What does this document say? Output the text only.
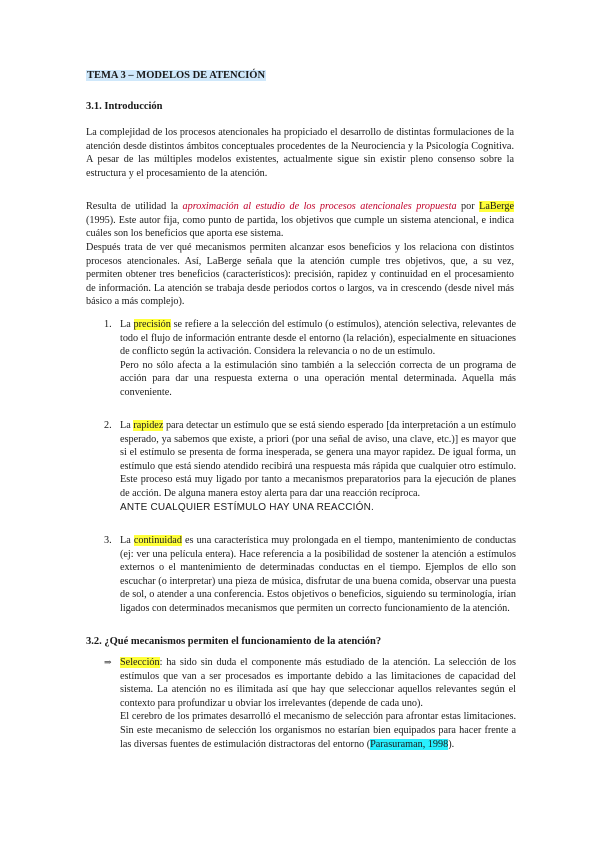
TEMA 3 – MODELOS DE ATENCIÓN
3.1. Introducción

La complejidad de los procesos atencionales ha propiciado el desarrollo de distintas formulaciones de la atención desde distintos ámbitos conceptuales procedentes de la Neurociencia y la Psicología Cognitiva. A pesar de las múltiples modelos existentes, actualmente sigue sin existir pleno consenso sobre la estructura y el procesamiento de la atención.

Resulta de utilidad la aproximación al estudio de los procesos atencionales propuesta por LaBerge (1995). Este autor fija, como punto de partida, los objetivos que cumple un sistema atencional, e indica cuáles son los beneficios que aporta ese sistema.

Después trata de ver qué mecanismos permiten alcanzar esos beneficios y los relaciona con distintos procesos atencionales. Así, LaBerge señala que la atención cumple tres objetivos, que, a su vez, permiten obtener tres beneficios (característicos): precisión, rapidez y continuidad en el procesamiento de información. La atención se trabaja desde periodos cortos o largos, va in crescendo (desde nivel más básico a más complejo).

1. La precisión se refiere a la selección del estímulo (o estímulos), atención selectiva, relevantes de todo el flujo de información entrante desde el entorno (la relación), especialmente en situaciones de conflicto según la activación. Considera la relevancia o no de un estímulo.

Pero no sólo afecta a la estimulación sino también a la selección correcta de un programa de acción para dar una respuesta externa o una operación mental determinada. Aquella más conveniente.

2. La rapidez para detectar un estímulo que se está siendo esperado [da interpretación a un estímulo esperado, ya sabemos que existe, a priori (por una señal de aviso, una clave, etc.)] es mayor que si el estímulo se presenta de forma inesperada, se genera una mayor rapidez. De igual forma, un estímulo que está siendo atendido recibirá una respuesta más rápida que cualquier otro estímulo. Este proceso está muy ligado por tanto a mecanismos preparatorios para la ejecución de planes de acción. De alguna manera estoy alerta para dar una reacción recíproca.

ANTE CUALQUIER ESTÍMULO HAY UNA REACCIÓN.

3. La continuidad es una característica muy prolongada en el tiempo, mantenimiento de conductas (ej: ver una película entera). Hace referencia a la posibilidad de sostener la atención a estímulos externos o el mantenimiento de determinadas conductas en el tiempo. Ejemplos de ello son escuchar (o interpretar) una pieza de música, disfrutar de una buena comida, observar una puesta de sol, o atender a una conferencia. Estos objetivos o beneficios, siguiendo su terminología, irían ligados con determinados mecanismos que permiten un correcto funcionamiento de la atención.

3.2. ¿Qué mecanismos permiten el funcionamiento de la atención?
⇒ Selección: ha sido sin duda el componente más estudiado de la atención. La selección de los estímulos que van a ser procesados es importante debido a las limitaciones de capacidad del sistema. La atención no es ilimitada así que hay que seleccionar aquellos relevantes según el contexto para profundizar u obviar los irrelevantes (depende de cada uno).

El cerebro de los primates desarrolló el mecanismo de selección para afrontar estas limitaciones. Sin este mecanismo de selección los organismos no estarían bien equipados para hacer frente a las diversas fuentes de estimulación distractoras del entorno (Parasuraman, 1998).
